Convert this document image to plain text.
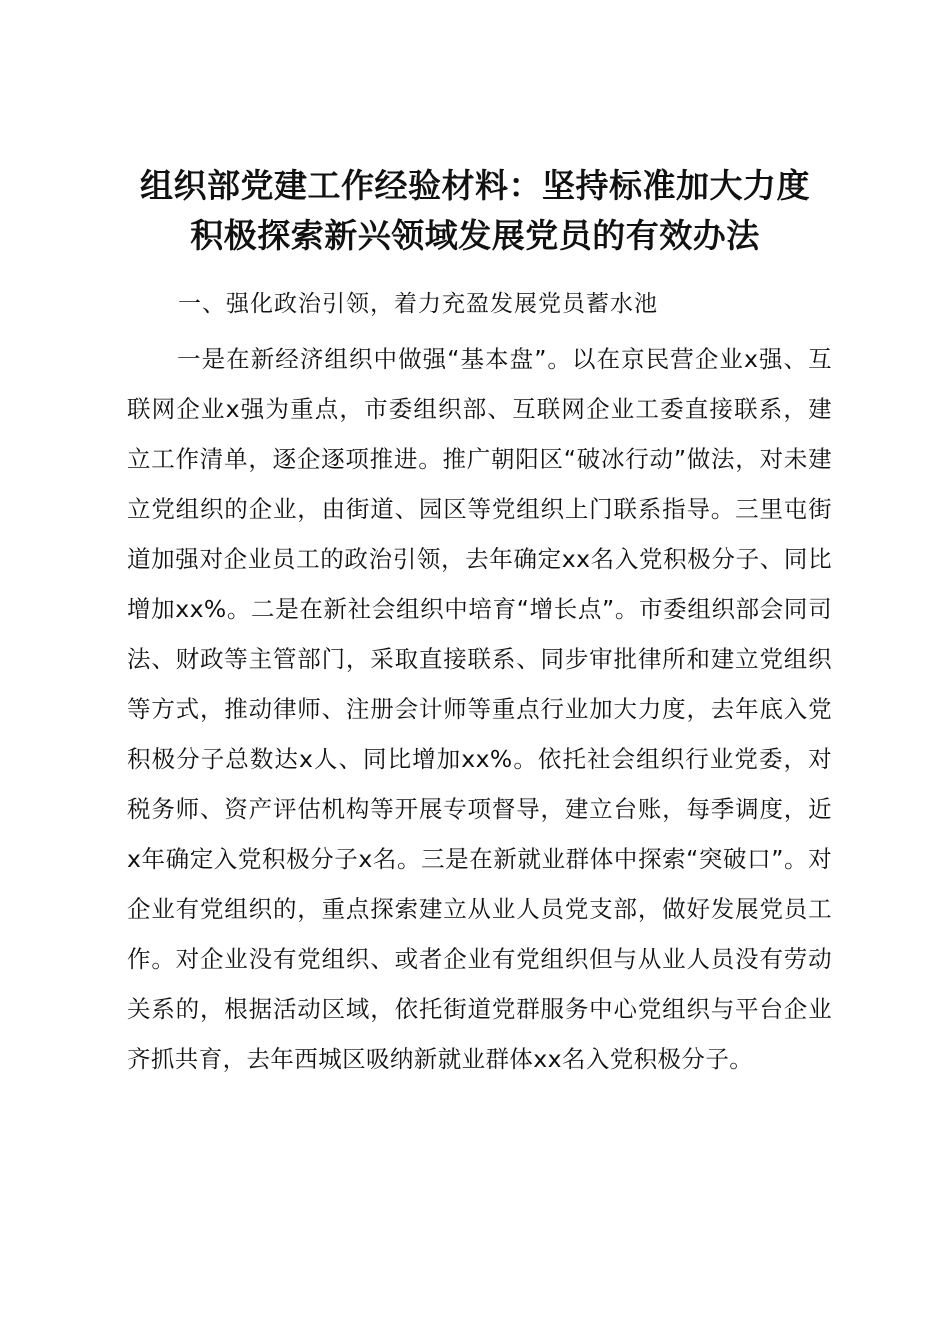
组织部党建工作经验材料：坚持标准加大力度
积极探索新兴领域发展党员的有效办法
一、强化政治引领，着力充盈发展党员蓄水池

一是在新经济组织中做强“基本盘”。以在京民营企业x强、互联网企业x强为重点，市委组织部、互联网企业工委直接联系，建立工作清单，逐企逐项推进。推广朝阳区“破冰行动”做法，对未建立党组织的企业，由街道、园区等党组织上门联系指导。三里屯街道加强对企业员工的政治引领，去年确定xx名入党积极分子、同比增加xx%。二是在新社会组织中培育“增长点”。市委组织部会同司法、财政等主管部门，采取直接联系、同步审批律所和建立党组织等方式，推动律师、注册会计师等重点行业加大力度，去年底入党积极分子总数达x人、同比增加xx%。依托社会组织行业党委，对税务师、资产评估机构等开展专项督导，建立台账，每季调度，近x年确定入党积极分子x名。三是在新就业群体中探索“突破口”。对企业有党组织的，重点探索建立从业人员党支部，做好发展党员工作。对企业没有党组织、或者企业有党组织但与从业人员没有劳动关系的，根据活动区域，依托街道党群服务中心党组织与平台企业齐抓共育，去年西城区吸纳新就业群体xx名入党积极分子。
